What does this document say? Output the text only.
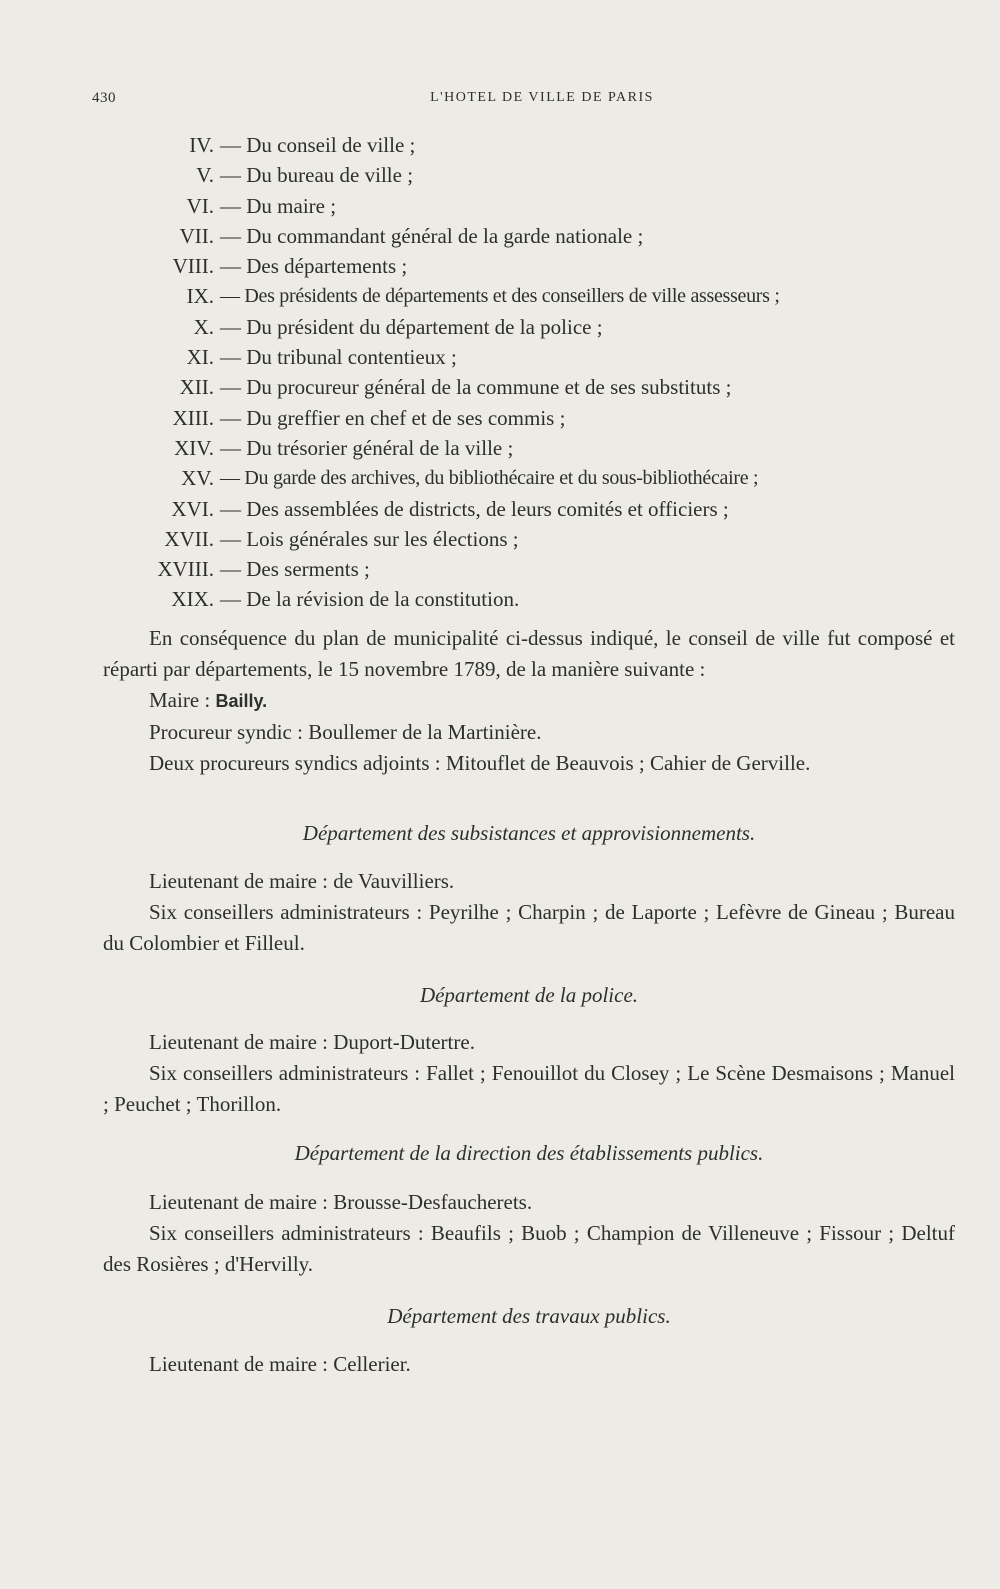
430	L'HOTEL DE VILLE DE PARIS
IV. — Du conseil de ville ;
V. — Du bureau de ville ;
VI. — Du maire ;
VII. — Du commandant général de la garde nationale ;
VIII. — Des départements ;
IX. — Des présidents de départements et des conseillers de ville assesseurs ;
X. — Du président du département de la police ;
XI. — Du tribunal contentieux ;
XII. — Du procureur général de la commune et de ses substituts ;
XIII. — Du greffier en chef et de ses commis ;
XIV. — Du trésorier général de la ville ;
XV. — Du garde des archives, du bibliothécaire et du sous-bibliothécaire ;
XVI. — Des assemblées de districts, de leurs comités et officiers ;
XVII. — Lois générales sur les élections ;
XVIII. — Des serments ;
XIX. — De la révision de la constitution.

En conséquence du plan de municipalité ci-dessus indiqué, le conseil de ville fut composé et réparti par départements, le 15 novembre 1789, de la manière suivante :

Maire : Bailly.

Procureur syndic : Boullemer de la Martinière.

Deux procureurs syndics adjoints : Mitouflet de Beauvois ; Cahier de Gerville.

Département des subsistances et approvisionnements.

Lieutenant de maire : de Vauvilliers.

Six conseillers administrateurs : Peyrilhe ; Charpin ; de Laporte ; Lefèvre de Gineau ; Bureau du Colombier et Filleul.

Département de la police.

Lieutenant de maire : Duport-Dutertre.

Six conseillers administrateurs : Fallet ; Fenouillot du Closey ; Le Scène Desmaisons ; Manuel ; Peuchet ; Thorillon.

Département de la direction des établissements publics.

Lieutenant de maire : Brousse-Desfaucherets.

Six conseillers administrateurs : Beaufils ; Buob ; Champion de Villeneuve ; Fissour ; Deltuf des Rosières ; d'Hervilly.

Département des travaux publics.

Lieutenant de maire : Cellerier.
